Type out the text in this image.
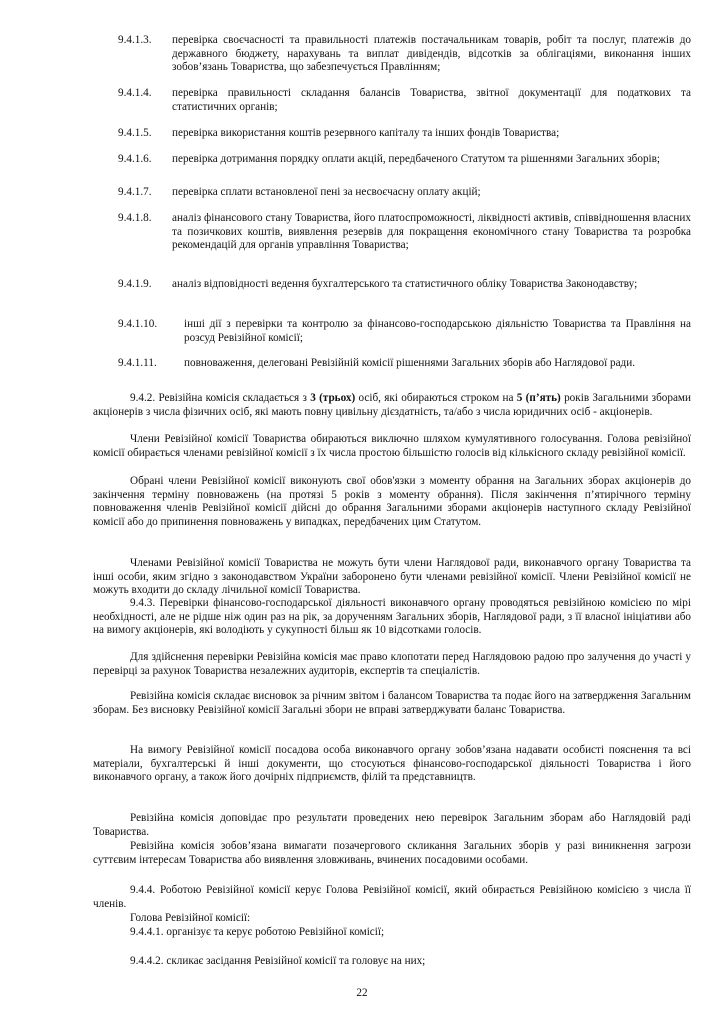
9.4.1.3. перевірка своєчасності та правильності платежів постачальникам товарів, робіт та послуг, платежів до державного бюджету, нарахувань та виплат дивідендів, відсотків за облігаціями, виконання інших зобов’язань Товариства, що забезпечується Правлінням;
9.4.1.4. перевірка правильності складання балансів Товариства, звітної документації для податкових та статистичних органів;
9.4.1.5. перевірка використання коштів резервного капіталу та інших фондів Товариства;
9.4.1.6. перевірка дотримання порядку оплати акцій, передбаченого Статутом та рішеннями Загальних зборів;
9.4.1.7. перевірка сплати встановленої пені за несвоєчасну оплату акцій;
9.4.1.8. аналіз фінансового стану Товариства, його платоспроможності, ліквідності активів, співвідношення власних та позичкових коштів, виявлення резервів для покращення економічного стану Товариства та розробка рекомендацій для органів управління Товариства;
9.4.1.9. аналіз відповідності ведення бухгалтерського та статистичного обліку Товариства Законодавству;
9.4.1.10. інші дії з перевірки та контролю за фінансово-господарською діяльністю Товариства та Правління на розсуд Ревізійної комісії;
9.4.1.11. повноваження, делеговані Ревізійній комісії рішеннями Загальних зборів або Наглядової ради.
9.4.2. Ревізійна комісія складається з 3 (трьох) осіб, які обираються строком на 5 (п’ять) років Загальними зборами акціонерів з числа фізичних осіб, які мають повну цивільну дієздатність, та/або з числа юридичних осіб - акціонерів.
Члени Ревізійної комісії Товариства обираються виключно шляхом кумулятивного голосування. Голова ревізійної комісії обирається членами ревізійної комісії з їх числа простою більшістю голосів від кількісного складу ревізійної комісії.
Обрані члени Ревізійної комісії виконують свої обов'язки з моменту обрання на Загальних зборах акціонерів до закінчення терміну повноважень (на протязі 5 років з моменту обрання). Після закінчення п’ятирічного терміну повноваження членів Ревізійної комісії дійсні до обрання Загальними зборами акціонерів наступного складу Ревізійної комісії або до припинення повноважень у випадках, передбачених цим Статутом.
Членами Ревізійної комісії Товариства не можуть бути члени Наглядової ради, виконавчого органу Товариства та інші особи, яким згідно з законодавством України заборонено бути членами ревізійної комісії. Члени Ревізійної комісії не можуть входити до складу лічильної комісії Товариства.
9.4.3. Перевірки фінансово-господарської діяльності виконавчого органу проводяться ревізійною комісією по мірі необхідності, але не рідше ніж один раз на рік, за дорученням Загальних зборів, Наглядової ради, з її власної ініціативи або на вимогу акціонерів, які володіють у сукупності більш як 10 відсотками голосів.
Для здійснення перевірки Ревізійна комісія має право клопотати перед Наглядовою радою про залучення до участі у перевірці за рахунок Товариства незалежних аудиторів, експертів та спеціалістів.
Ревізійна комісія складає висновок за річним звітом і балансом Товариства та подає його на затвердження Загальним зборам. Без висновку Ревізійної комісії Загальні збори не вправі затверджувати баланс Товариства.
На вимогу Ревізійної комісії посадова особа виконавчого органу зобов’язана надавати особисті пояснення та всі матеріали, бухгалтерські й інші документи, що стосуються фінансово-господарської діяльності Товариства і його виконавчого органу, а також його дочірніх підприємств, філій та представництв.
Ревізійна комісія доповідає про результати проведених нею перевірок Загальним зборам або Наглядовій раді Товариства.
Ревізійна комісія зобов’язана вимагати позачергового скликання Загальних зборів у разі виникнення загрози суттєвим інтересам Товариства або виявлення зловживань, вчинених посадовими особами.
9.4.4. Роботою Ревізійної комісії керує Голова Ревізійної комісії, який обирається Ревізійною комісією з числа її членів.
Голова Ревізійної комісії:
9.4.4.1. організує та керує роботою Ревізійної комісії;
9.4.4.2. скликає засідання Ревізійної комісії та головує на них;
22
